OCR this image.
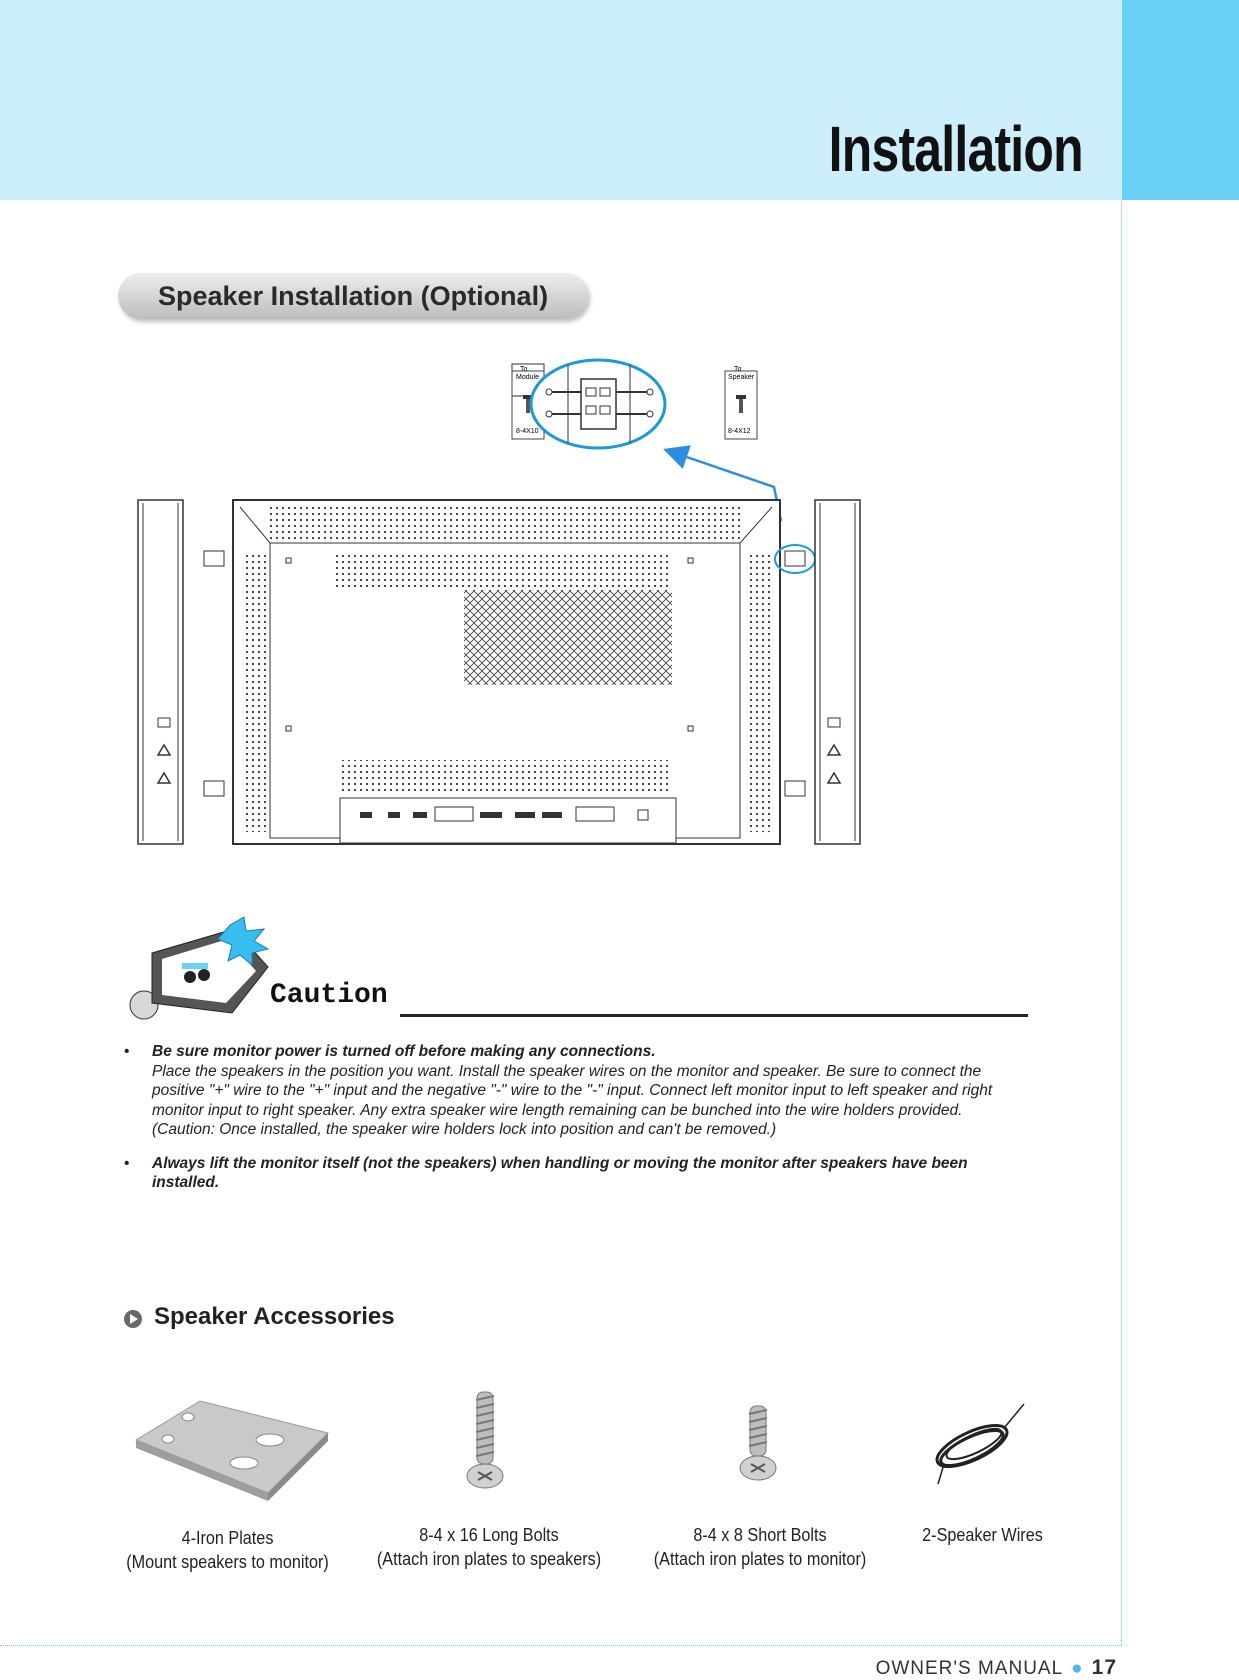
Installation
Speaker Installation (Optional)
To
Module
8-4X10
To
Speaker
8-4X12
Caution
• Be sure monitor power is turned off before making any connections.
Place the speakers in the position you want. Install the speaker wires on the monitor and speaker. Be sure to connect the positive "+" wire to the "+" input and the negative "-" wire to the "-" input. Connect left monitor input to left speaker and right monitor input to right speaker. Any extra speaker wire length remaining can be bunched into the wire holders provided.
(Caution: Once installed, the speaker wire holders lock into position and can't be removed.)
• Always lift the monitor itself (not the speakers) when handling or moving the monitor after speakers have been installed.
Speaker Accessories
4-Iron Plates
(Mount speakers to monitor)
8-4 x 16 Long Bolts
(Attach iron plates to speakers)
8-4 x 8 Short Bolts
(Attach iron plates to monitor)
2-Speaker Wires
OWNER'S MANUAL ● 17
